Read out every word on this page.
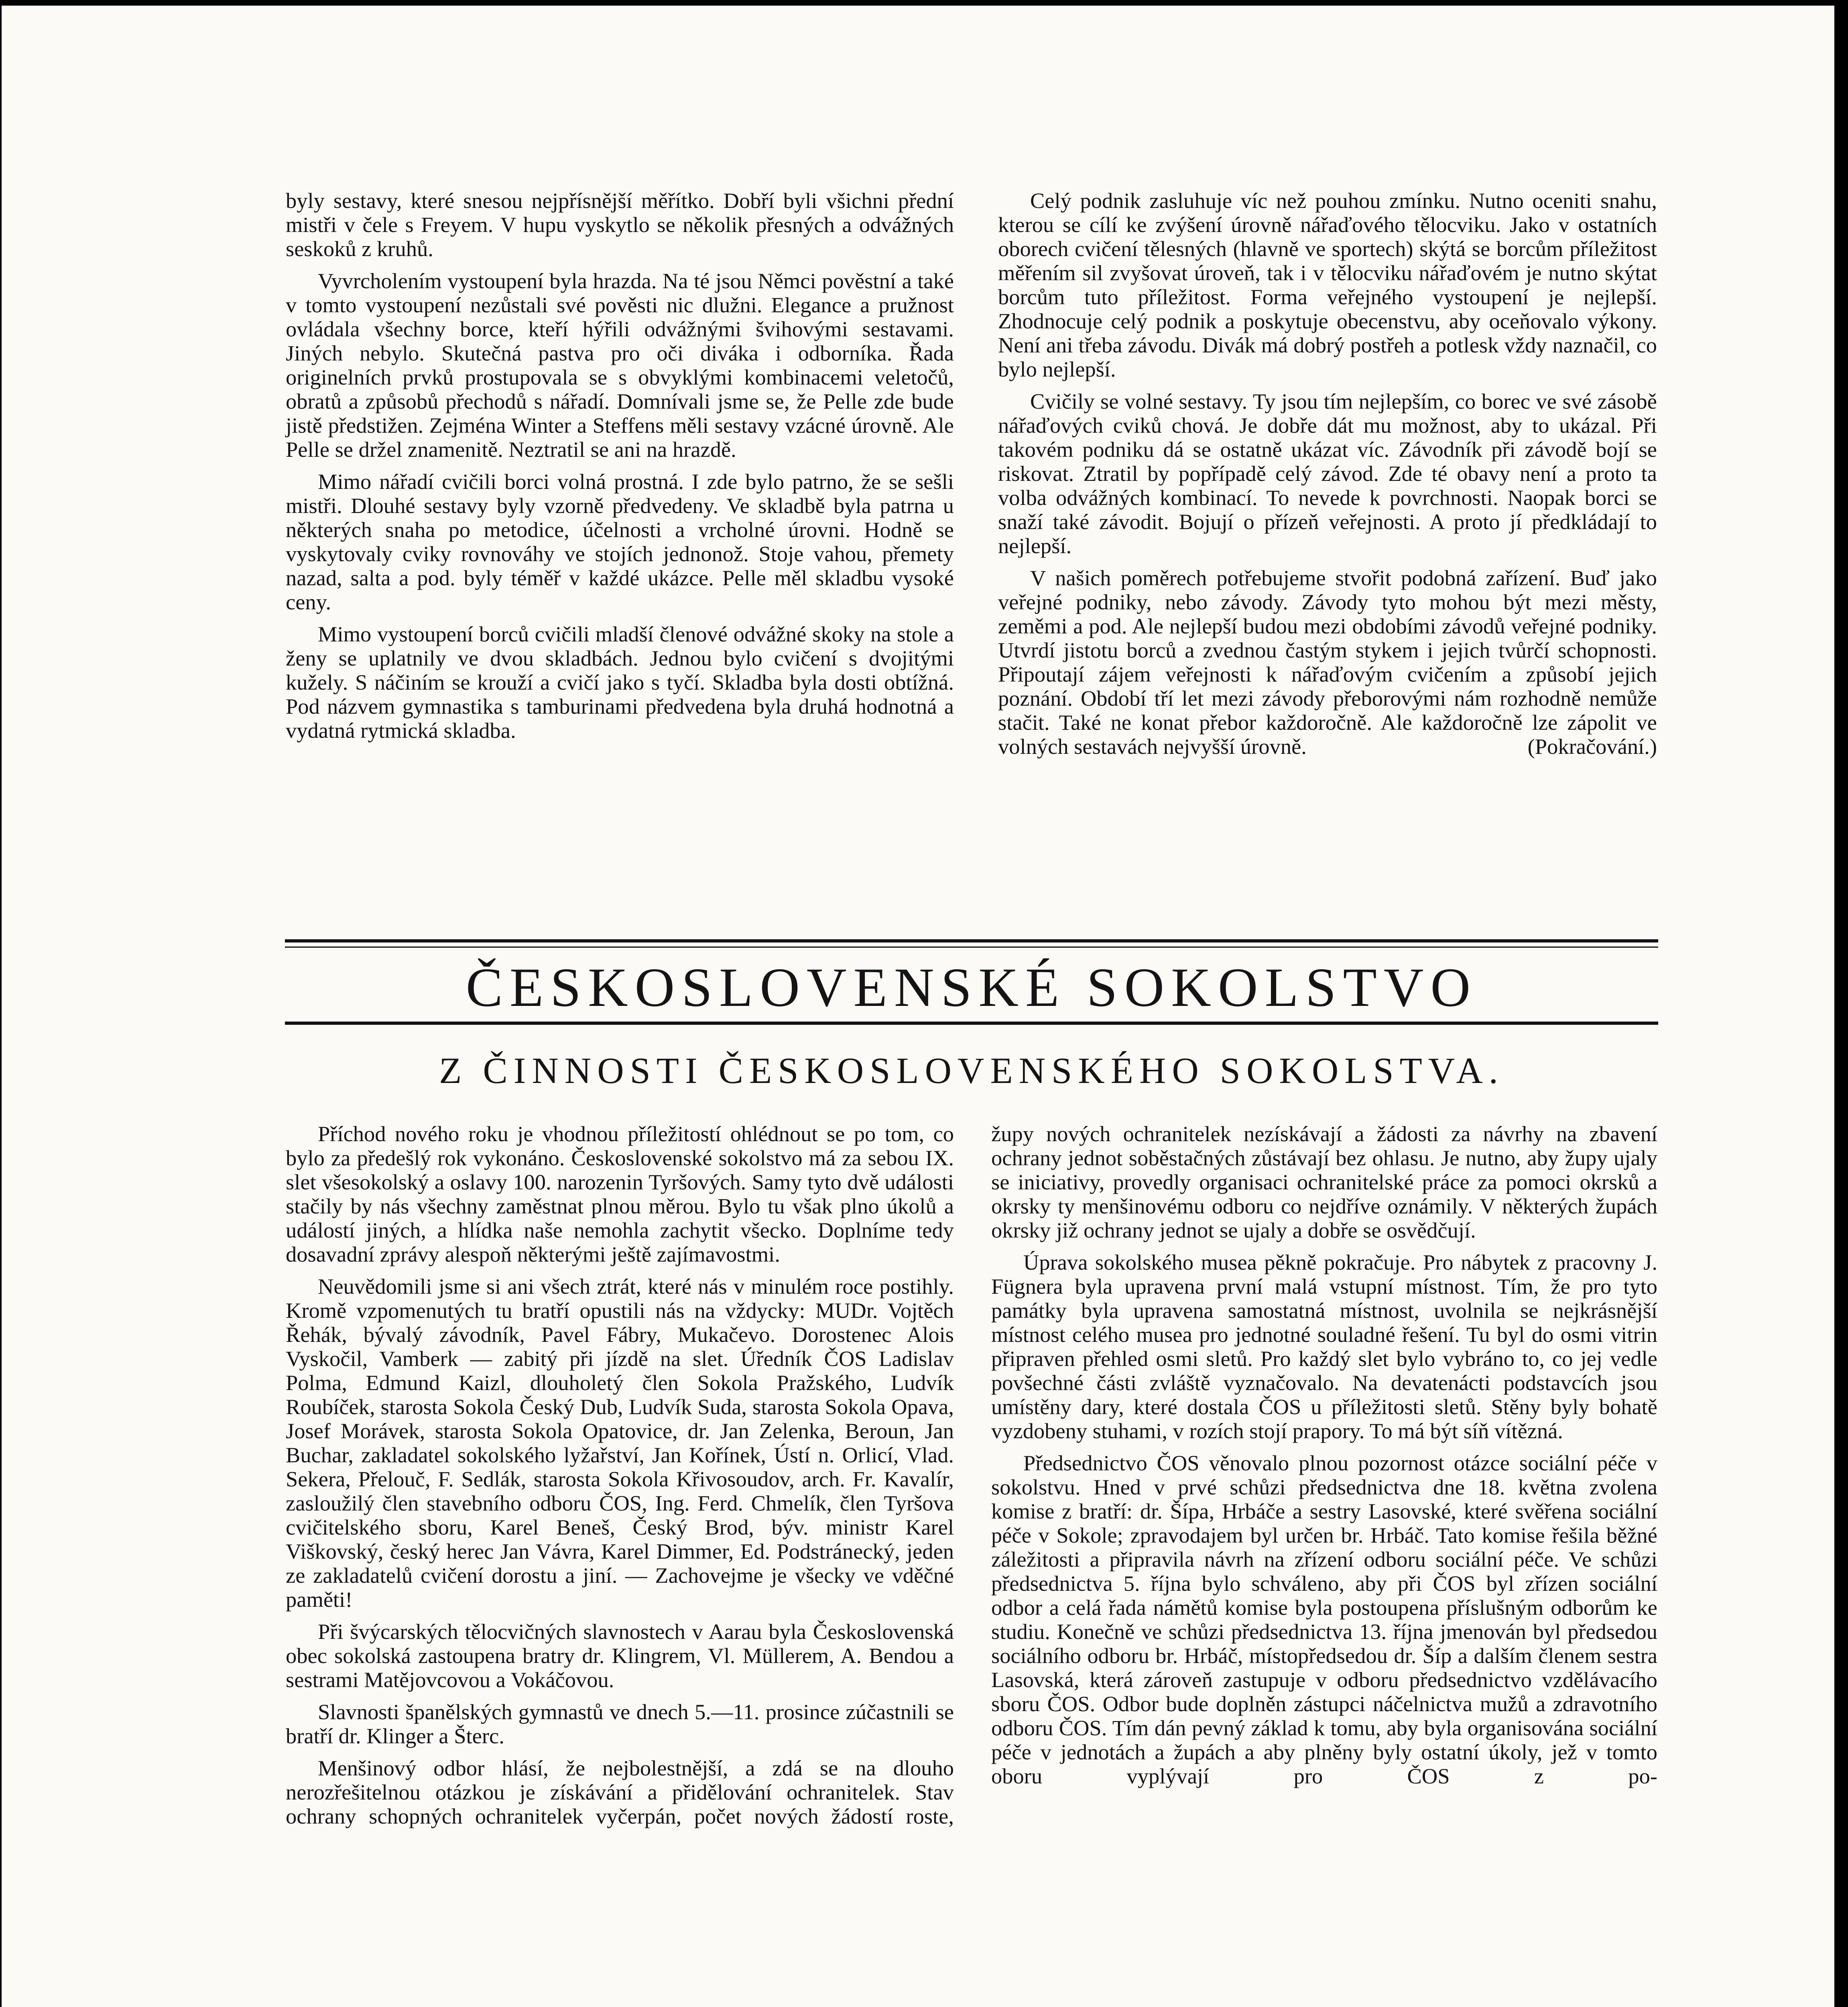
byly sestavy, které snesou nejpřísnější měřítko. Dobří byli všichni přední mistři v čele s Freyem. V hupu vyskytlo se několik přesných a odvážných seskoků z kruhů.

Vyvrcholením vystoupení byla hrazda. Na té jsou Němci pověstní a také v tomto vystoupení nezůstali své pověsti nic dlužni. Elegance a pružnost ovládala všechny borce, kteří hýřili odvážnými švihovými sestavami. Jiných nebylo. Skutečná pastva pro oči diváka i odborníka. Řada originelních prvků prostupovala se s obvyklými kombinacemi veletočů, obratů a způsobů přechodů s nářadí. Domnívali jsme se, že Pelle zde bude jistě předstižen. Zejména Winter a Steffens měli sestavy vzácné úrovně. Ale Pelle se držel znamenitě. Neztratil se ani na hrazdě.

Mimo nářadí cvičili borci volná prostná. I zde bylo patrno, že se sešli mistři. Dlouhé sestavy byly vzorně předvedeny. Ve skladbě byla patrna u některých snaha po metodice, účelnosti a vrcholné úrovni. Hodně se vyskytovaly cviky rovnováhy ve stojích jednonož. Stoje vahou, přemety nazad, salta a pod. byly téměř v každé ukázce. Pelle měl skladbu vysoké ceny.

Mimo vystoupení borců cvičili mladší členové odvážné skoky na stole a ženy se uplatnily ve dvou skladbách. Jednou bylo cvičení s dvojitými kužely. S náčiním se krouží a cvičí jako s tyčí. Skladba byla dosti obtížná. Pod názvem gymnastika s tamburinami předvedena byla druhá hodnotná a vydatná rytmická skladba.

Celý podnik zasluhuje víc než pouhou zmínku. Nutno oceniti snahu, kterou se cílí ke zvýšení úrovně nářaďového tělocviku. Jako v ostatních oborech cvičení tělesných (hlavně ve sportech) skýtá se borcům příležitost měřením sil zvyšovat úroveň, tak i v tělocviku nářaďovém je nutno skýtat borcům tuto příležitost. Forma veřejného vystoupení je nejlepší. Zhodnocuje celý podnik a poskytuje obecenstvu, aby oceňovalo výkony. Není ani třeba závodu. Divák má dobrý postřeh a potlesk vždy naznačil, co bylo nejlepší.

Cvičily se volné sestavy. Ty jsou tím nejlepším, co borec ve své zásobě nářaďových cviků chová. Je dobře dát mu možnost, aby to ukázal. Při takovém podniku dá se ostatně ukázat víc. Závodník při závodě bojí se riskovat. Ztratil by popřípadě celý závod. Zde té obavy není a proto ta volba odvážných kombinací. To nevede k povrchnosti. Naopak borci se snaží také závodit. Bojují o přízeň veřejnosti. A proto jí předkládají to nejlepší.

V našich poměrech potřebujeme stvořit podobná zařízení. Buď jako veřejné podniky, nebo závody. Závody tyto mohou být mezi městy, zeměmi a pod. Ale nejlepší budou mezi obdobími závodů veřejné podniky. Utvrdí jistotu borců a zvednou častým stykem i jejich tvůrčí schopnosti. Připoutají zájem veřejnosti k nářaďovým cvičením a způsobí jejich poznání. Období tří let mezi závody přeborovými nám rozhodně nemůže stačit. Také ne konat přebor každoročně. Ale každoročně lze zápolit ve volných sestavách nejvyšší úrovně.	(Pokračování.)

ČESKOSLOVENSKÉ SOKOLSTVO
Z ČINNOSTI ČESKOSLOVENSKÉHO SOKOLSTVA.

Příchod nového roku je vhodnou příležitostí ohlédnout se po tom, co bylo za předešlý rok vykonáno. Československé sokolstvo má za sebou IX. slet všesokolský a oslavy 100. narozenin Tyršových. Samy tyto dvě události stačily by nás všechny zaměstnat plnou měrou. Bylo tu však plno úkolů a událostí jiných, a hlídka naše nemohla zachytit všecko. Doplníme tedy dosavadní zprávy alespoň některými ještě zajímavostmi.

Neuvědomili jsme si ani všech ztrát, které nás v minulém roce postihly. Kromě vzpomenutých tu bratří opustili nás na vždycky: MUDr. Vojtěch Řehák, bývalý závodník, Pavel Fábry, Mukačevo. Dorostenec Alois Vyskočil, Vamberk — zabitý při jízdě na slet. Úředník ČOS Ladislav Polma, Edmund Kaizl, dlouholetý člen Sokola Pražského, Ludvík Roubíček, starosta Sokola Český Dub, Ludvík Suda, starosta Sokola Opava, Josef Morávek, starosta Sokola Opatovice, dr. Jan Zelenka, Beroun, Jan Buchar, zakladatel sokolského lyžařství, Jan Kořínek, Ústí n. Orlicí, Vlad. Sekera, Přelouč, F. Sedlák, starosta Sokola Křivosoudov, arch. Fr. Kavalír, zasloužilý člen stavebního odboru ČOS, Ing. Ferd. Chmelík, člen Tyršova cvičitelského sboru, Karel Beneš, Český Brod, býv. ministr Karel Viškovský, český herec Jan Vávra, Karel Dimmer, Ed. Podstránecký, jeden ze zakladatelů cvičení dorostu a jiní. — Zachovejme je všecky ve vděčné paměti!

Při švýcarských tělocvičných slavnostech v Aarau byla Československá obec sokolská zastoupena bratry dr. Klingrem, Vl. Müllerem, A. Bendou a sestrami Matějovcovou a Vokáčovou.

Slavnosti španělských gymnastů ve dnech 5.—11. prosince zúčastnili se bratří dr. Klinger a Šterc.

Menšinový odbor hlásí, že nejbolestnější, a zdá se na dlouho nerozřešitelnou otázkou je získávání a přidělování ochranitelek. Stav ochrany schopných ochranitelek vyčerpán, počet nových žádostí roste,

župy nových ochranitelek nezískávají a žádosti za návrhy na zbavení ochrany jednot soběstačných zůstávají bez ohlasu. Je nutno, aby župy ujaly se iniciativy, provedly organisaci ochranitelské práce za pomoci okrsků a okrsky ty menšinovému odboru co nejdříve oznámily. V některých župách okrsky již ochrany jednot se ujaly a dobře se osvědčují.

Úprava sokolského musea pěkně pokračuje. Pro nábytek z pracovny J. Fügnera byla upravena první malá vstupní místnost. Tím, že pro tyto památky byla upravena samostatná místnost, uvolnila se nejkrásnější místnost celého musea pro jednotné souladné řešení. Tu byl do osmi vitrin připraven přehled osmi sletů. Pro každý slet bylo vybráno to, co jej vedle povšechné části zvláště vyznačovalo. Na devatenácti podstavcích jsou umístěny dary, které dostala ČOS u příležitosti sletů. Stěny byly bohatě vyzdobeny stuhami, v rozích stojí prapory. To má být síň vítězná.

Předsednictvo ČOS věnovalo plnou pozornost otázce sociální péče v sokolstvu. Hned v prvé schůzi předsednictva dne 18. května zvolena komise z bratří: dr. Šípa, Hrbáče a sestry Lasovské, které svěřena sociální péče v Sokole; zpravodajem byl určen br. Hrbáč. Tato komise řešila běžné záležitosti a připravila návrh na zřízení odboru sociální péče. Ve schůzi předsednictva 5. října bylo schváleno, aby při ČOS byl zřízen sociální odbor a celá řada námětů komise byla postoupena příslušným odborům ke studiu. Konečně ve schůzi předsednictva 13. října jmenován byl předsedou sociálního odboru br. Hrbáč, místopředsedou dr. Šíp a dalším členem sestra Lasovská, která zároveň zastupuje v odboru předsednictvo vzdělávacího sboru ČOS. Odbor bude doplněn zástupci náčelnictva mužů a zdravotního odboru ČOS. Tím dán pevný základ k tomu, aby byla organisována sociální péče v jednotách a župách a aby plněny byly ostatní úkoly, jež v tomto oboru vyplývají pro ČOS z po-
